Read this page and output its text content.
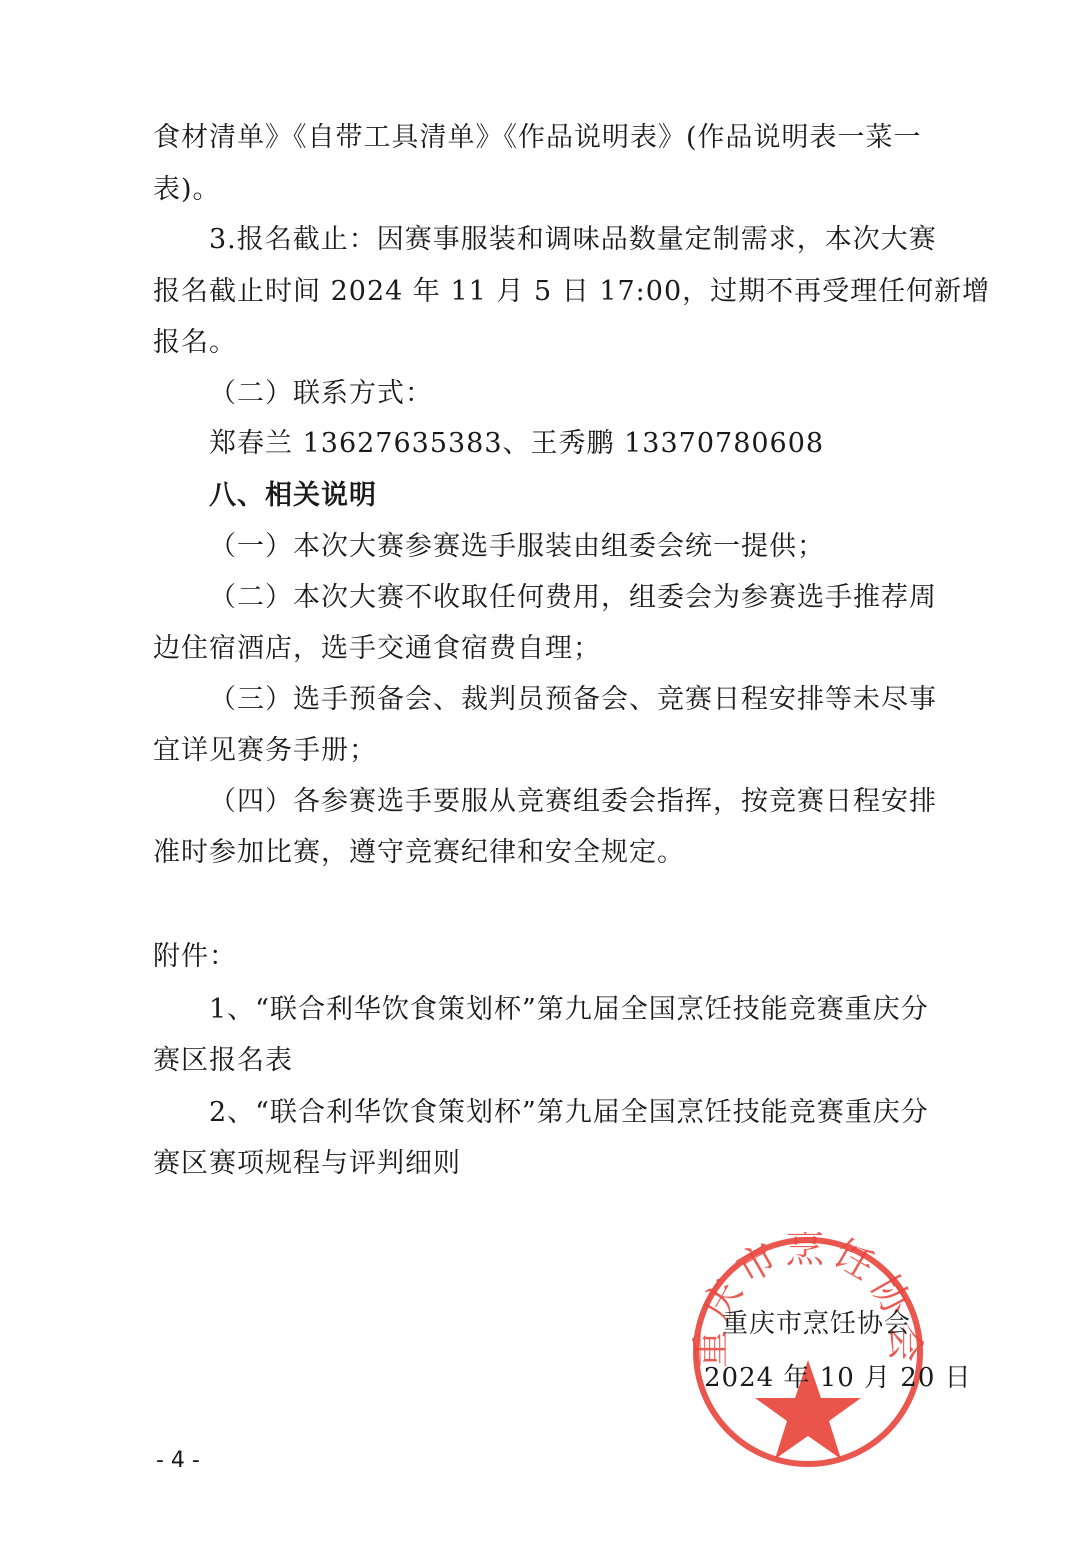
食材清单》《自带工具清单》《作品说明表》(作品说明表一菜一
表)。
3.报名截止：因赛事服装和调味品数量定制需求，本次大赛
报名截止时间 2024 年 11 月 5 日 17:00，过期不再受理任何新增
报名。
（二）联系方式：
郑春兰 13627635383、王秀鹏 13370780608
八、相关说明
（一）本次大赛参赛选手服装由组委会统一提供；
（二）本次大赛不收取任何费用，组委会为参赛选手推荐周
边住宿酒店，选手交通食宿费自理；
（三）选手预备会、裁判员预备会、竞赛日程安排等未尽事
宜详见赛务手册；
（四）各参赛选手要服从竞赛组委会指挥，按竞赛日程安排
准时参加比赛，遵守竞赛纪律和安全规定。
附件：
1、“联合利华饮食策划杯”第九届全国烹饪技能竞赛重庆分
赛区报名表
2、“联合利华饮食策划杯”第九届全国烹饪技能竞赛重庆分
赛区赛项规程与评判细则
重庆市烹饪协会
重庆市烹饪协会
2024 年 10 月 20 日
- 4 -
